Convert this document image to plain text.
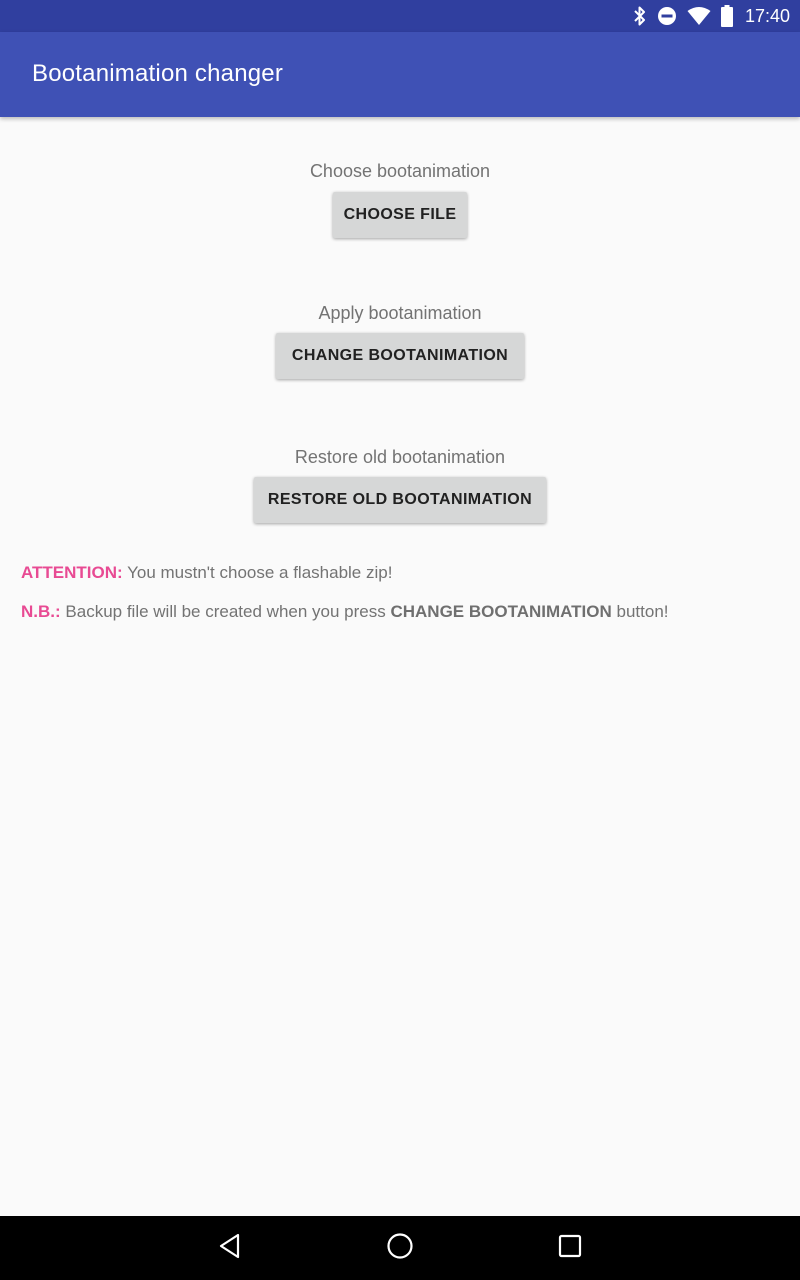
17:40
Bootanimation changer
Choose bootanimation
CHOOSE FILE
Apply bootanimation
CHANGE BOOTANIMATION
Restore old bootanimation
RESTORE OLD BOOTANIMATION
ATTENTION: You mustn't choose a flashable zip!
N.B.: Backup file will be created when you press CHANGE BOOTANIMATION button!
